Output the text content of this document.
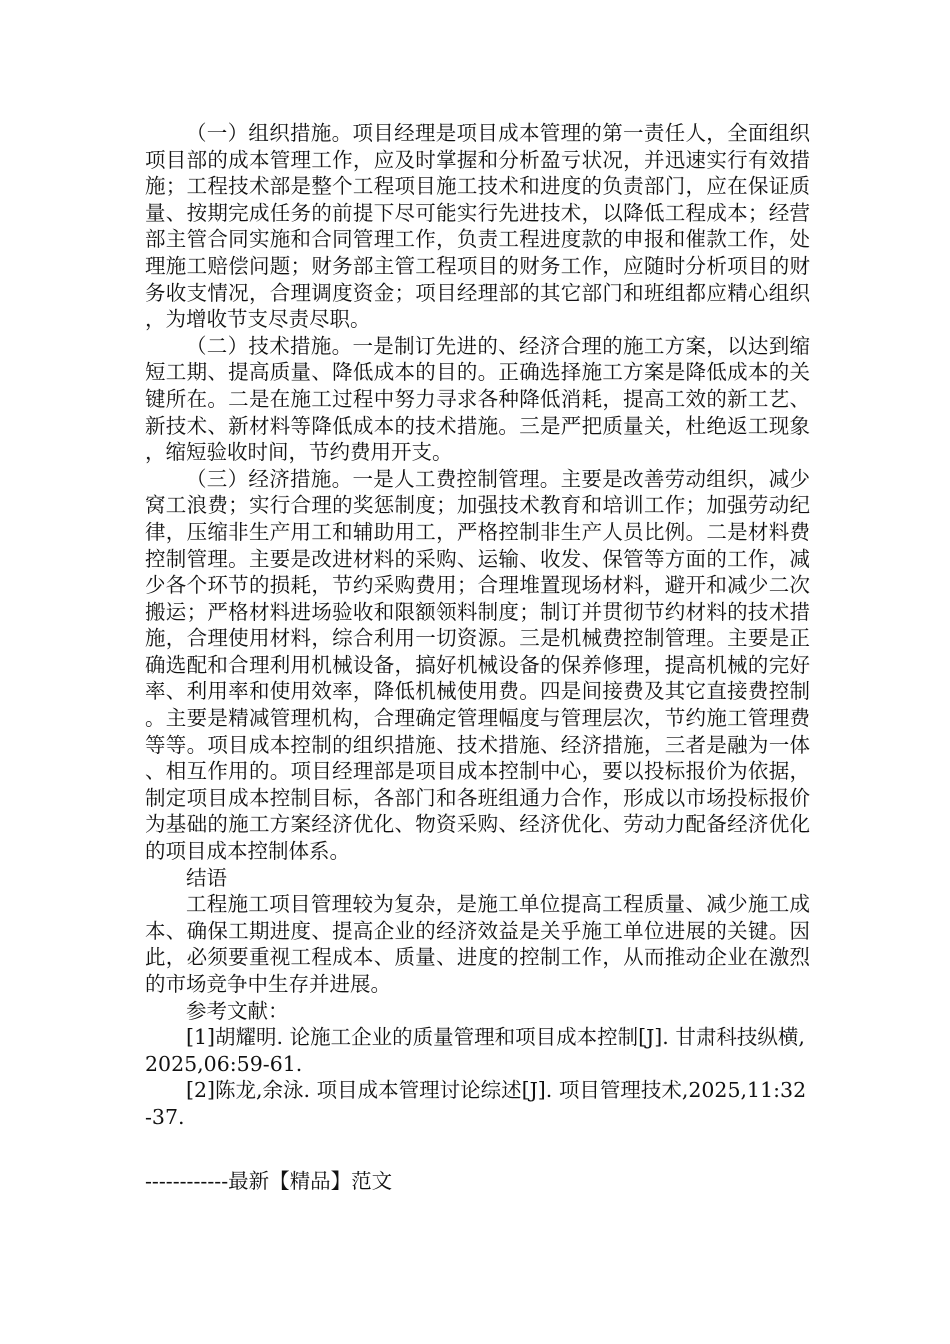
（一）组织措施。项目经理是项目成本管理的第一责任人，全面组织项目部的成本管理工作，应及时掌握和分析盈亏状况，并迅速实行有效措施；工程技术部是整个工程项目施工技术和进度的负责部门，应在保证质量、按期完成任务的前提下尽可能实行先进技术，以降低工程成本；经营部主管合同实施和合同管理工作，负责工程进度款的申报和催款工作，处理施工赔偿问题；财务部主管工程项目的财务工作，应随时分析项目的财务收支情况，合理调度资金；项目经理部的其它部门和班组都应精心组织，为增收节支尽责尽职。

（二）技术措施。一是制订先进的、经济合理的施工方案，以达到缩短工期、提高质量、降低成本的目的。正确选择施工方案是降低成本的关键所在。二是在施工过程中努力寻求各种降低消耗，提高工效的新工艺、新技术、新材料等降低成本的技术措施。三是严把质量关，杜绝返工现象，缩短验收时间，节约费用开支。

（三）经济措施。一是人工费控制管理。主要是改善劳动组织，减少窝工浪费；实行合理的奖惩制度；加强技术教育和培训工作；加强劳动纪律，压缩非生产用工和辅助用工，严格控制非生产人员比例。二是材料费控制管理。主要是改进材料的采购、运输、收发、保管等方面的工作，减少各个环节的损耗，节约采购费用；合理堆置现场材料，避开和减少二次搬运；严格材料进场验收和限额领料制度；制订并贯彻节约材料的技术措施，合理使用材料，综合利用一切资源。三是机械费控制管理。主要是正确选配和合理利用机械设备，搞好机械设备的保养修理，提高机械的完好率、利用率和使用效率，降低机械使用费。四是间接费及其它直接费控制。主要是精减管理机构，合理确定管理幅度与管理层次，节约施工管理费等等。项目成本控制的组织措施、技术措施、经济措施，三者是融为一体、相互作用的。项目经理部是项目成本控制中心，要以投标报价为依据，制定项目成本控制目标，各部门和各班组通力合作，形成以市场投标报价为基础的施工方案经济优化、物资采购、经济优化、劳动力配备经济优化的项目成本控制体系。

结语

工程施工项目管理较为复杂，是施工单位提高工程质量、减少施工成本、确保工期进度、提高企业的经济效益是关乎施工单位进展的关键。因此，必须要重视工程成本、质量、进度的控制工作，从而推动企业在激烈的市场竞争中生存并进展。

参考文献：

[1]胡耀明. 论施工企业的质量管理和项目成本控制[J]. 甘肃科技纵横,2025,06:59-61.

[2]陈龙,余泳. 项目成本管理讨论综述[J]. 项目管理技术,2025,11:32-37.

------------最新【精品】范文
